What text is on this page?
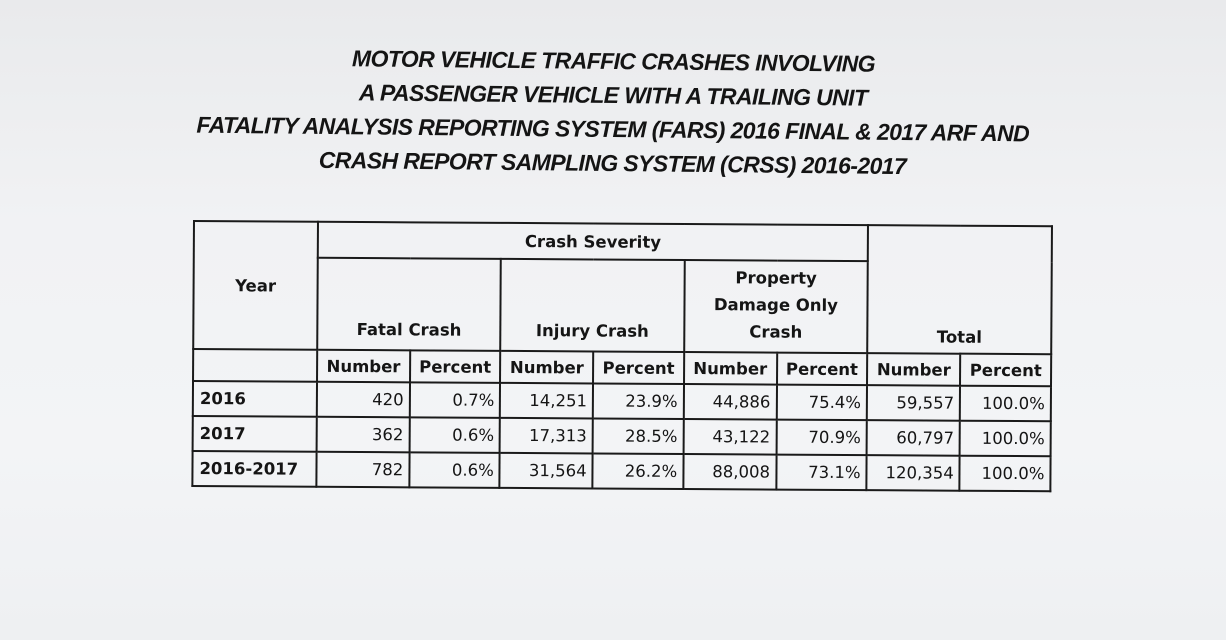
MOTOR VEHICLE TRAFFIC CRASHES INVOLVING
A PASSENGER VEHICLE WITH A TRAILING UNIT
FATALITY ANALYSIS REPORTING SYSTEM (FARS) 2016 FINAL & 2017 ARF AND
CRASH REPORT SAMPLING SYSTEM (CRSS) 2016-2017
Year	Crash Severity						Total	
	Fatal Crash		Injury Crash		Property
Damage Only
Crash			
	Number	Percent	Number	Percent	Number	Percent	Number	Percent
2016	420	0.7%	14,251	23.9%	44,886	75.4%	59,557	100.0%
2017	362	0.6%	17,313	28.5%	43,122	70.9%	60,797	100.0%
2016-2017	782	0.6%	31,564	26.2%	88,008	73.1%	120,354	100.0%
